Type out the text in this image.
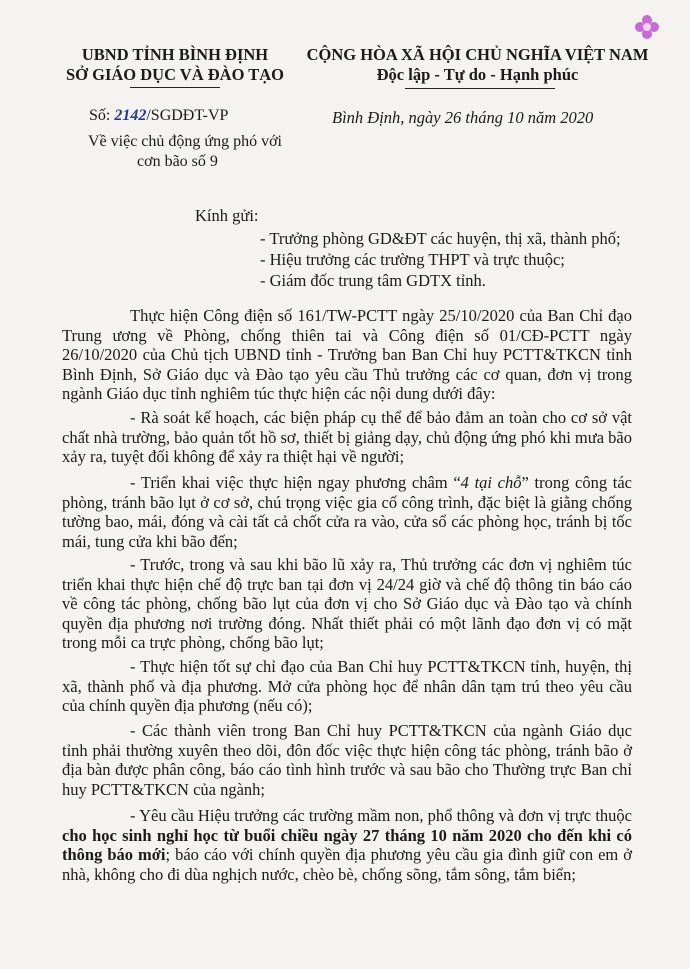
UBND TỈNH BÌNH ĐỊNH
SỞ GIÁO DỤC VÀ ĐÀO TẠO
CỘNG HÒA XÃ HỘI CHỦ NGHĨA VIỆT NAM
Độc lập - Tự do - Hạnh phúc
Số: 2142/SGDĐT-VP
Về việc chủ động ứng phó với
cơn bão số 9
Bình Định, ngày 26 tháng 10 năm 2020
Kính gửi:
- Trưởng phòng GD&ĐT các huyện, thị xã, thành phố;
- Hiệu trưởng các trường THPT và trực thuộc;
- Giám đốc trung tâm GDTX tỉnh.
Thực hiện Công điện số 161/TW-PCTT ngày 25/10/2020 của Ban Chỉ đạo Trung ương về Phòng, chống thiên tai và Công điện số 01/CĐ-PCTT ngày 26/10/2020 của Chủ tịch UBND tỉnh - Trưởng ban Ban Chỉ huy PCTT&TKCN tỉnh Bình Định, Sở Giáo dục và Đào tạo yêu cầu Thủ trưởng các cơ quan, đơn vị trong ngành Giáo dục tỉnh nghiêm túc thực hiện các nội dung dưới đây:
- Rà soát kế hoạch, các biện pháp cụ thể để bảo đảm an toàn cho cơ sở vật chất nhà trường, bảo quản tốt hồ sơ, thiết bị giảng dạy, chủ động ứng phó khi mưa bão xảy ra, tuyệt đối không để xảy ra thiệt hại về người;
- Triển khai việc thực hiện ngay phương châm “4 tại chỗ” trong công tác phòng, tránh bão lụt ở cơ sở, chú trọng việc gia cố công trình, đặc biệt là giằng chống tường bao, mái, đóng và cài tất cả chốt cửa ra vào, cửa sổ các phòng học, tránh bị tốc mái, tung cửa khi bão đến;
- Trước, trong và sau khi bão lũ xảy ra, Thủ trưởng các đơn vị nghiêm túc triển khai thực hiện chế độ trực ban tại đơn vị 24/24 giờ và chế độ thông tin báo cáo về công tác phòng, chống bão lụt của đơn vị cho Sở Giáo dục và Đào tạo và chính quyền địa phương nơi trường đóng. Nhất thiết phải có một lãnh đạo đơn vị có mặt trong mỗi ca trực phòng, chống bão lụt;
- Thực hiện tốt sự chỉ đạo của Ban Chỉ huy PCTT&TKCN tỉnh, huyện, thị xã, thành phố và địa phương. Mở cửa phòng học để nhân dân tạm trú theo yêu cầu của chính quyền địa phương (nếu có);
- Các thành viên trong Ban Chỉ huy PCTT&TKCN của ngành Giáo dục tỉnh phải thường xuyên theo dõi, đôn đốc việc thực hiện công tác phòng, tránh bão ở địa bàn được phân công, báo cáo tình hình trước và sau bão cho Thường trực Ban chỉ huy PCTT&TKCN của ngành;
- Yêu cầu Hiệu trưởng các trường mầm non, phổ thông và đơn vị trực thuộc cho học sinh nghỉ học từ buổi chiều ngày 27 tháng 10 năm 2020 cho đến khi có thông báo mới; báo cáo với chính quyền địa phương yêu cầu gia đình giữ con em ở nhà, không cho đi dùa nghịch nước, chèo bè, chống sõng, tắm sông, tắm biển;
